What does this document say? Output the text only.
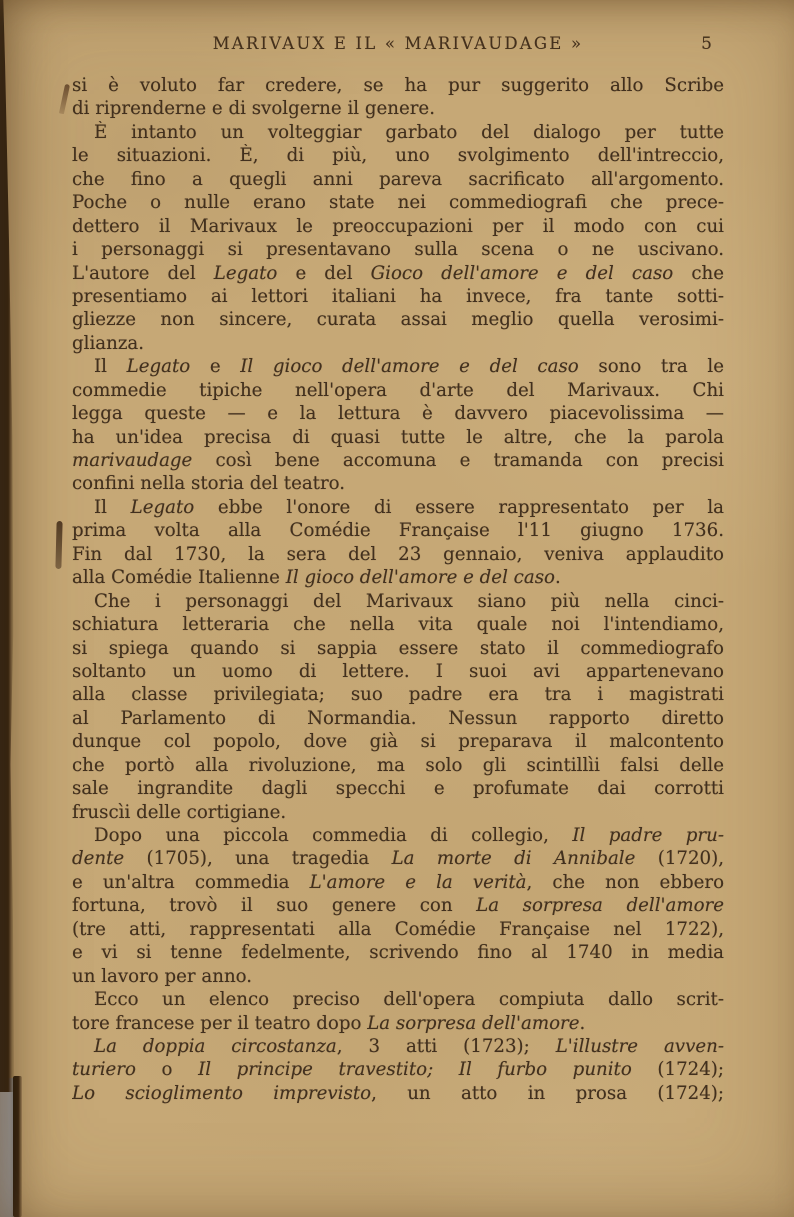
MARIVAUX E IL « MARIVAUDAGE »	5
si è voluto far credere, se ha pur suggerito allo Scribe
di riprenderne e di svolgerne il genere.
È intanto un volteggiar garbato del dialogo per tutte
le situazioni. È, di più, uno svolgimento dell'intreccio,
che fino a quegli anni pareva sacrificato all'argomento.
Poche o nulle erano state nei commediografi che prece-
dettero il Marivaux le preoccupazioni per il modo con cui
i personaggi si presentavano sulla scena o ne uscivano.
L'autore del Legato e del Gioco dell'amore e del caso che
presentiamo ai lettori italiani ha invece, fra tante sotti-
gliezze non sincere, curata assai meglio quella verosimi-
glianza.
Il Legato e Il gioco dell'amore e del caso sono tra le
commedie tipiche nell'opera d'arte del Marivaux. Chi
legga queste — e la lettura è davvero piacevolissima —
ha un'idea precisa di quasi tutte le altre, che la parola
marivaudage così bene accomuna e tramanda con precisi
confini nella storia del teatro.
Il Legato ebbe l'onore di essere rappresentato per la
prima volta alla Comédie Française l'11 giugno 1736.
Fin dal 1730, la sera del 23 gennaio, veniva applaudito
alla Comédie Italienne Il gioco dell'amore e del caso.
Che i personaggi del Marivaux siano più nella cinci-
schiatura letteraria che nella vita quale noi l'intendiamo,
si spiega quando si sappia essere stato il commediografo
soltanto un uomo di lettere. I suoi avi appartenevano
alla classe privilegiata; suo padre era tra i magistrati
al Parlamento di Normandia. Nessun rapporto diretto
dunque col popolo, dove già si preparava il malcontento
che portò alla rivoluzione, ma solo gli scintillìi falsi delle
sale ingrandite dagli specchi e profumate dai corrotti
fruscìi delle cortigiane.
Dopo una piccola commedia di collegio, Il padre pru-
dente (1705), una tragedia La morte di Annibale (1720),
e un'altra commedia L'amore e la verità, che non ebbero
fortuna, trovò il suo genere con La sorpresa dell'amore
(tre atti, rappresentati alla Comédie Française nel 1722),
e vi si tenne fedelmente, scrivendo fino al 1740 in media
un lavoro per anno.
Ecco un elenco preciso dell'opera compiuta dallo scrit-
tore francese per il teatro dopo La sorpresa dell'amore.
La doppia circostanza, 3 atti (1723); L'illustre avven-
turiero o Il principe travestito; Il furbo punito (1724);
Lo scioglimento imprevisto, un atto in prosa (1724);
